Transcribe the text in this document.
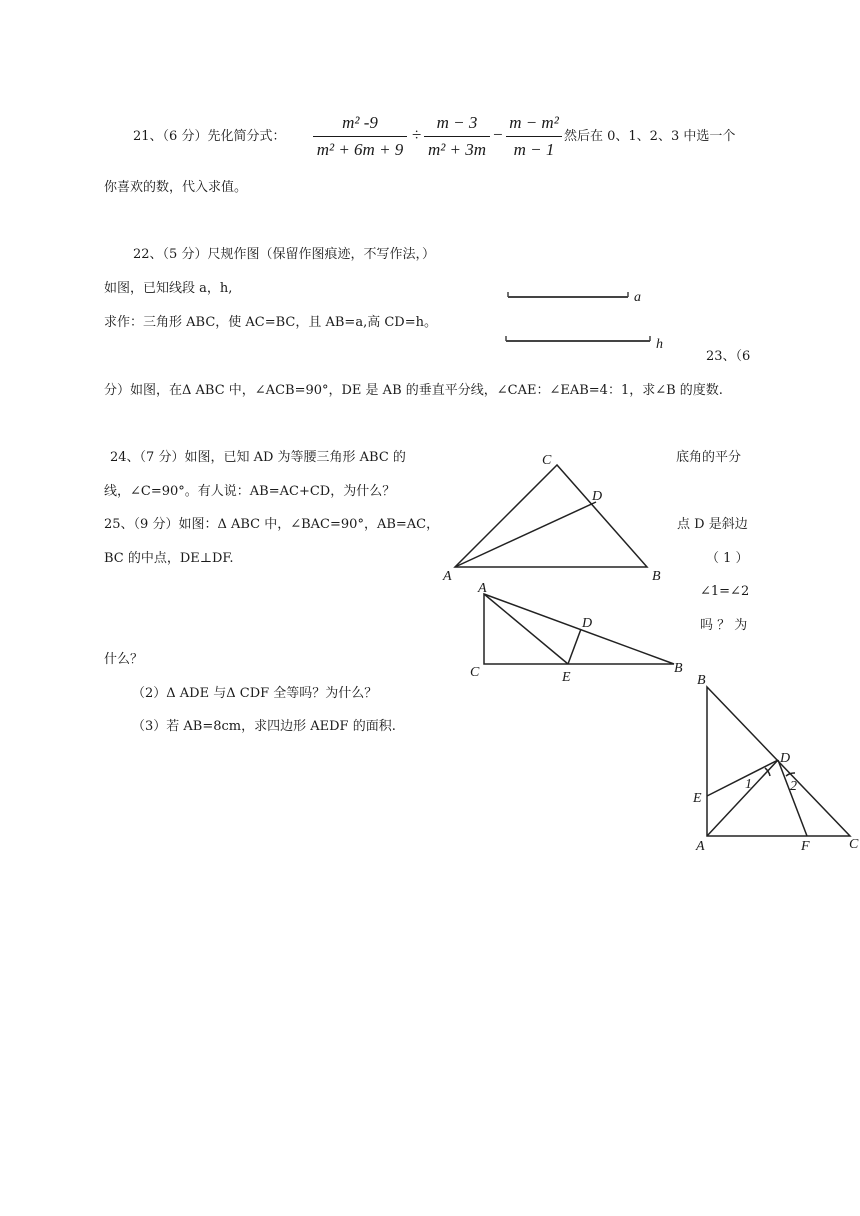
21、（6 分）先化简分式：
m² -9
m² + 6m + 9
÷
m − 3
m² + 3m
−
m − m²
m − 1
然后在 0、1、2、3 中选一个
你喜欢的数，代入求值。
22、（5 分）尺规作图（保留作图痕迹，不写作法，）
如图，已知线段 a，h,
求作：三角形 ABC，使 AC=BC，且 AB=a,高 CD=h。
a
h
23、（6
分）如图，在Δ ABC 中，∠ACB=90°，DE 是 AB 的垂直平分线，∠CAE：∠EAB=4：1，求∠B 的度数.
24、（7 分）如图，已知 AD 为等腰三角形 ABC 的	底角的平分
线，∠C=90°。有人说：AB=AC+CD，为什么？
25、（9 分）如图：Δ ABC 中，∠BAC=90°，AB=AC，	点 D 是斜边
BC 的中点，DE⊥DF.	（ 1 ）
∠1=∠2
吗 ？ 为
什么？
（2）Δ ADE 与Δ CDF 全等吗？为什么？
（3）若 AB=8cm，求四边形 AEDF 的面积.
C
D
A	B
A
D
C	E
B
B
D
E
1	2
A	F	C
